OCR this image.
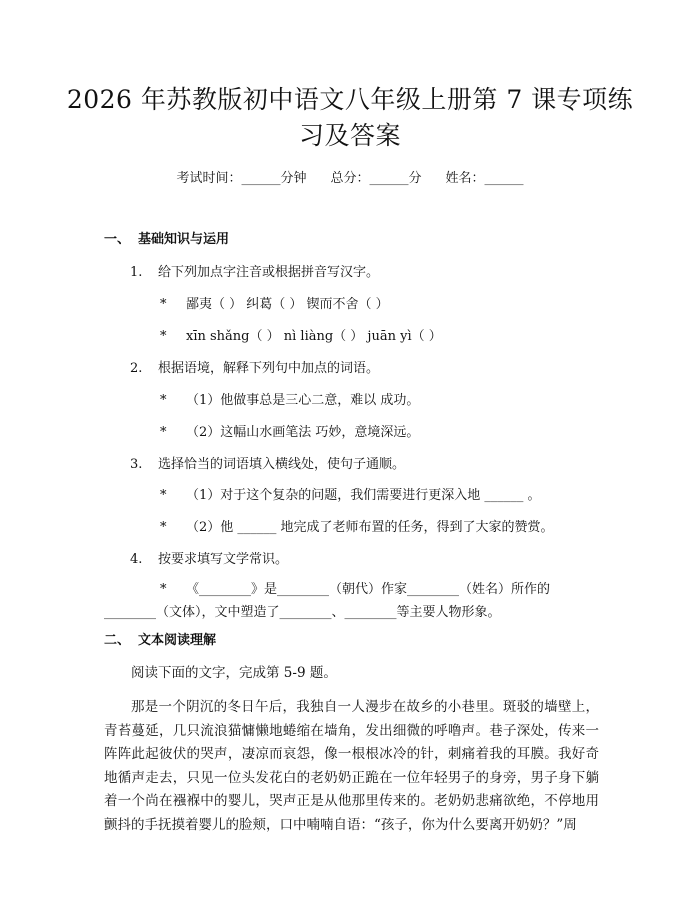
2026 年苏教版初中语文八年级上册第 7 课专项练习及答案
考试时间：______分钟 总分：______分 姓名：______
一、 基础知识与运用
1. 给下列加点字注音或根据拼音写汉字。
* 鄙夷（ ） 纠葛（ ） 锲而不舍（ ）
* xīn shǎng（ ） nì liàng（ ） juān yì（ ）
2. 根据语境，解释下列句中加点的词语。
* （1）他做事总是三心二意，难以 成功。
* （2）这幅山水画笔法 巧妙，意境深远。
3. 选择恰当的词语填入横线处，使句子通顺。
* （1）对于这个复杂的问题，我们需要进行更深入地 ______ 。
* （2）他 ______ 地完成了老师布置的任务，得到了大家的赞赏。
4. 按要求填写文学常识。
* 《________》是________（朝代）作家________（姓名）所作的________（文体），文中塑造了________、________等主要人物形象。
二、 文本阅读理解
阅读下面的文字，完成第 5-9 题。
那是一个阴沉的冬日午后，我独自一人漫步在故乡的小巷里。斑驳的墙壁上，青苔蔓延，几只流浪猫慵懒地蜷缩在墙角，发出细微的呼噜声。巷子深处，传来一阵阵此起彼伏的哭声，凄凉而哀怨，像一根根冰冷的针，刺痛着我的耳膜。我好奇地循声走去，只见一位头发花白的老奶奶正跪在一位年轻男子的身旁，男子身下躺着一个尚在襁褓中的婴儿，哭声正是从他那里传来的。老奶奶悲痛欲绝，不停地用颤抖的手抚摸着婴儿的脸颊，口中喃喃自语：“孩子，你为什么要离开奶奶？”周
